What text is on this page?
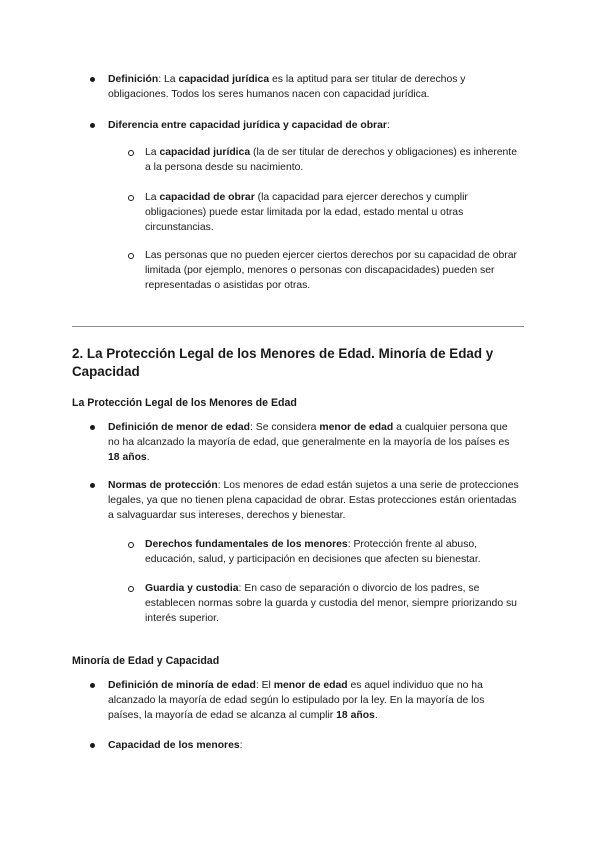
Definición: La capacidad jurídica es la aptitud para ser titular de derechos y obligaciones. Todos los seres humanos nacen con capacidad jurídica.

Diferencia entre capacidad jurídica y capacidad de obrar:

La capacidad jurídica (la de ser titular de derechos y obligaciones) es inherente a la persona desde su nacimiento.

La capacidad de obrar (la capacidad para ejercer derechos y cumplir obligaciones) puede estar limitada por la edad, estado mental u otras circunstancias.

Las personas que no pueden ejercer ciertos derechos por su capacidad de obrar limitada (por ejemplo, menores o personas con discapacidades) pueden ser representadas o asistidas por otras.

2. La Protección Legal de los Menores de Edad. Minoría de Edad y Capacidad
La Protección Legal de los Menores de Edad

Definición de menor de edad: Se considera menor de edad a cualquier persona que no ha alcanzado la mayoría de edad, que generalmente en la mayoría de los países es 18 años.

Normas de protección: Los menores de edad están sujetos a una serie de protecciones legales, ya que no tienen plena capacidad de obrar. Estas protecciones están orientadas a salvaguardar sus intereses, derechos y bienestar.

Derechos fundamentales de los menores: Protección frente al abuso, educación, salud, y participación en decisiones que afecten su bienestar.

Guardia y custodia: En caso de separación o divorcio de los padres, se establecen normas sobre la guarda y custodia del menor, siempre priorizando su interés superior.

Minoría de Edad y Capacidad

Definición de minoría de edad: El menor de edad es aquel individuo que no ha alcanzado la mayoría de edad según lo estipulado por la ley. En la mayoría de los países, la mayoría de edad se alcanza al cumplir 18 años.

Capacidad de los menores:
